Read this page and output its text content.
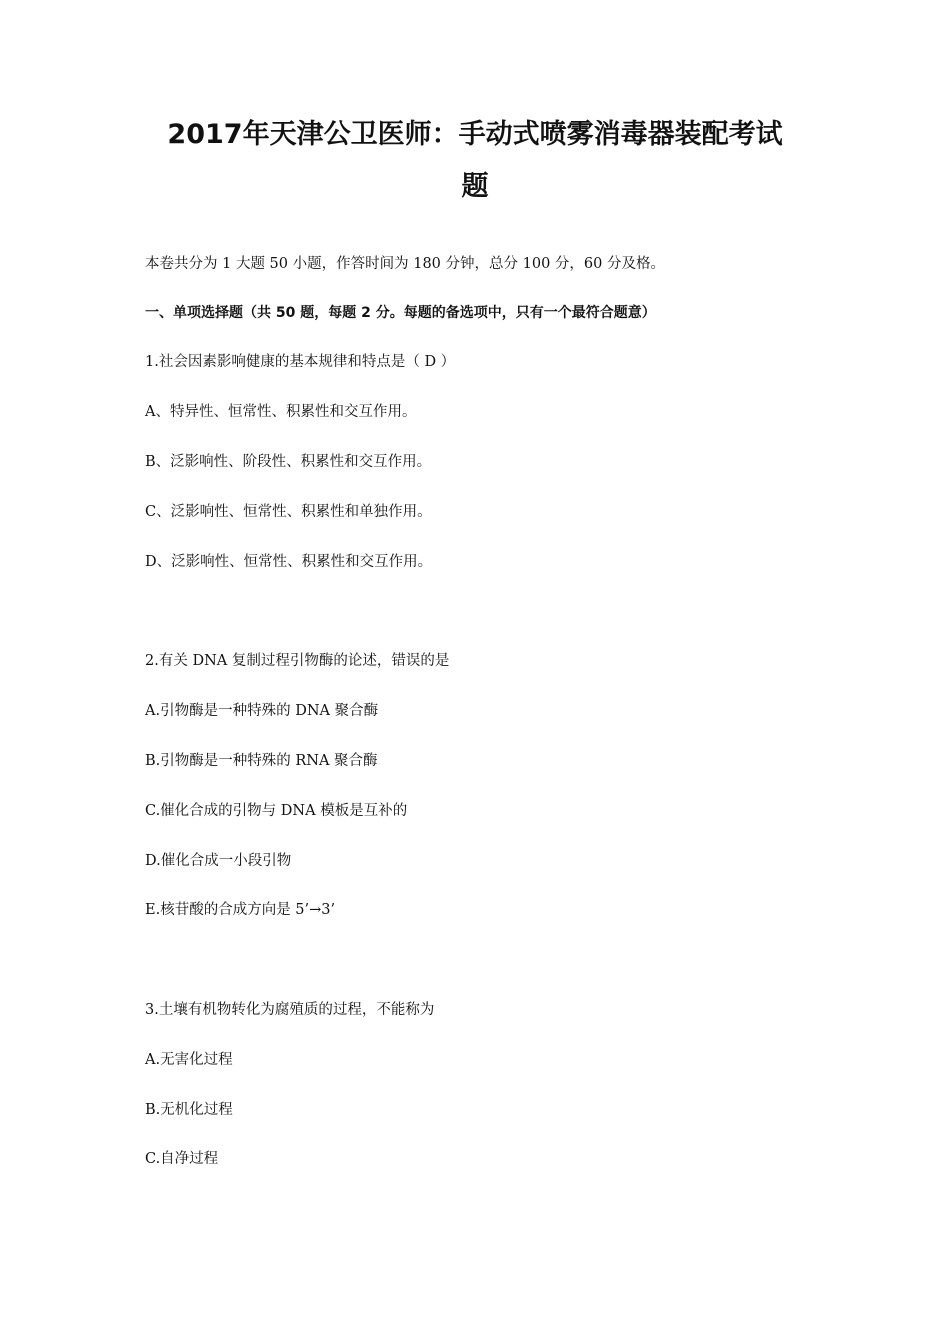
2017年天津公卫医师：手动式喷雾消毒器装配考试
题

本卷共分为 1 大题 50 小题，作答时间为 180 分钟，总分 100 分，60 分及格。

一、单项选择题（共 50 题，每题 2 分。每题的备选项中，只有一个最符合题意）

1.社会因素影响健康的基本规律和特点是（ D ）

A、特异性、恒常性、积累性和交互作用。

B、泛影响性、阶段性、积累性和交互作用。

C、泛影响性、恒常性、积累性和单独作用。

D、泛影响性、恒常性、积累性和交互作用。

2.有关 DNA 复制过程引物酶的论述，错误的是

A.引物酶是一种特殊的 DNA 聚合酶

B.引物酶是一种特殊的 RNA 聚合酶

C.催化合成的引物与 DNA 模板是互补的

D.催化合成一小段引物

E.核苷酸的合成方向是 5’→3’

3.土壤有机物转化为腐殖质的过程，不能称为

A.无害化过程

B.无机化过程

C.自净过程
